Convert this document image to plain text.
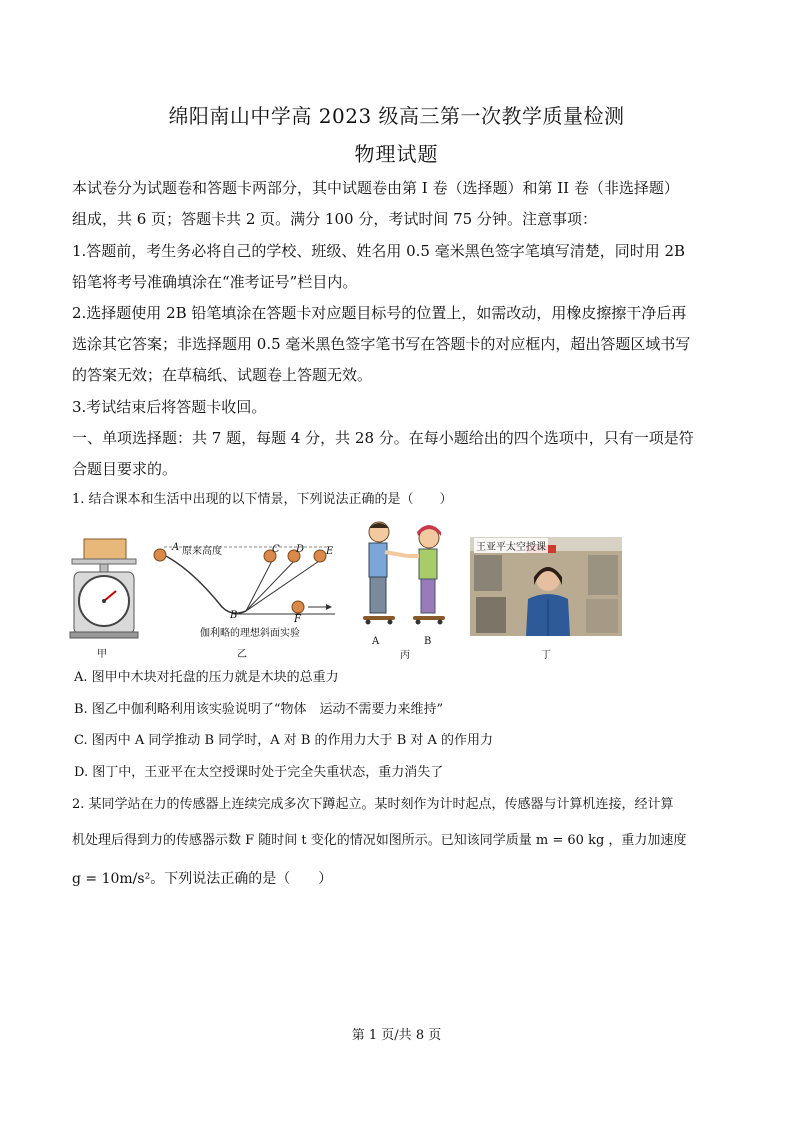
绵阳南山中学高 2023 级高三第一次教学质量检测
物理试题
本试卷分为试题卷和答题卡两部分，其中试题卷由第 I 卷（选择题）和第 II 卷（非选择题）
组成，共 6 页；答题卡共 2 页。满分 100 分，考试时间 75 分钟。注意事项：
1.答题前，考生务必将自己的学校、班级、姓名用 0.5 毫米黑色签字笔填写清楚，同时用 2B
铅笔将考号准确填涂在“准考证号”栏目内。
2.选择题使用 2B 铅笔填涂在答题卡对应题目标号的位置上，如需改动，用橡皮擦擦干净后再
选涂其它答案；非选择题用 0.5 毫米黑色签字笔书写在答题卡的对应框内，超出答题区域书写
的答案无效；在草稿纸、试题卷上答题无效。
3.考试结束后将答题卡收回。
一、单项选择题：共 7 题，每题 4 分，共 28 分。在每小题给出的四个选项中，只有一项是符
合题目要求的。
1. 结合课本和生活中出现的以下情景，下列说法正确的是（　　）
甲
A 原来高度
B
C D E
F
伽利略的理想斜面实验
乙
A	B
丙
王亚平太空授课
丁
A. 图甲中木块对托盘的压力就是木块的总重力
B. 图乙中伽利略利用该实验说明了“物体　运动不需要力来维持”
C. 图丙中 A 同学推动 B 同学时，A 对 B 的作用力大于 B 对 A 的作用力
D. 图丁中，王亚平在太空授课时处于完全失重状态，重力消失了
2. 某同学站在力的传感器上连续完成多次下蹲起立。某时刻作为计时起点，传感器与计算机连接，经计算
机处理后得到力的传感器示数 F 随时间 t 变化的情况如图所示。已知该同学质量 m = 60 kg ，重力加速度
g = 10m/s²。下列说法正确的是（　　）
第 1 页/共 8 页
